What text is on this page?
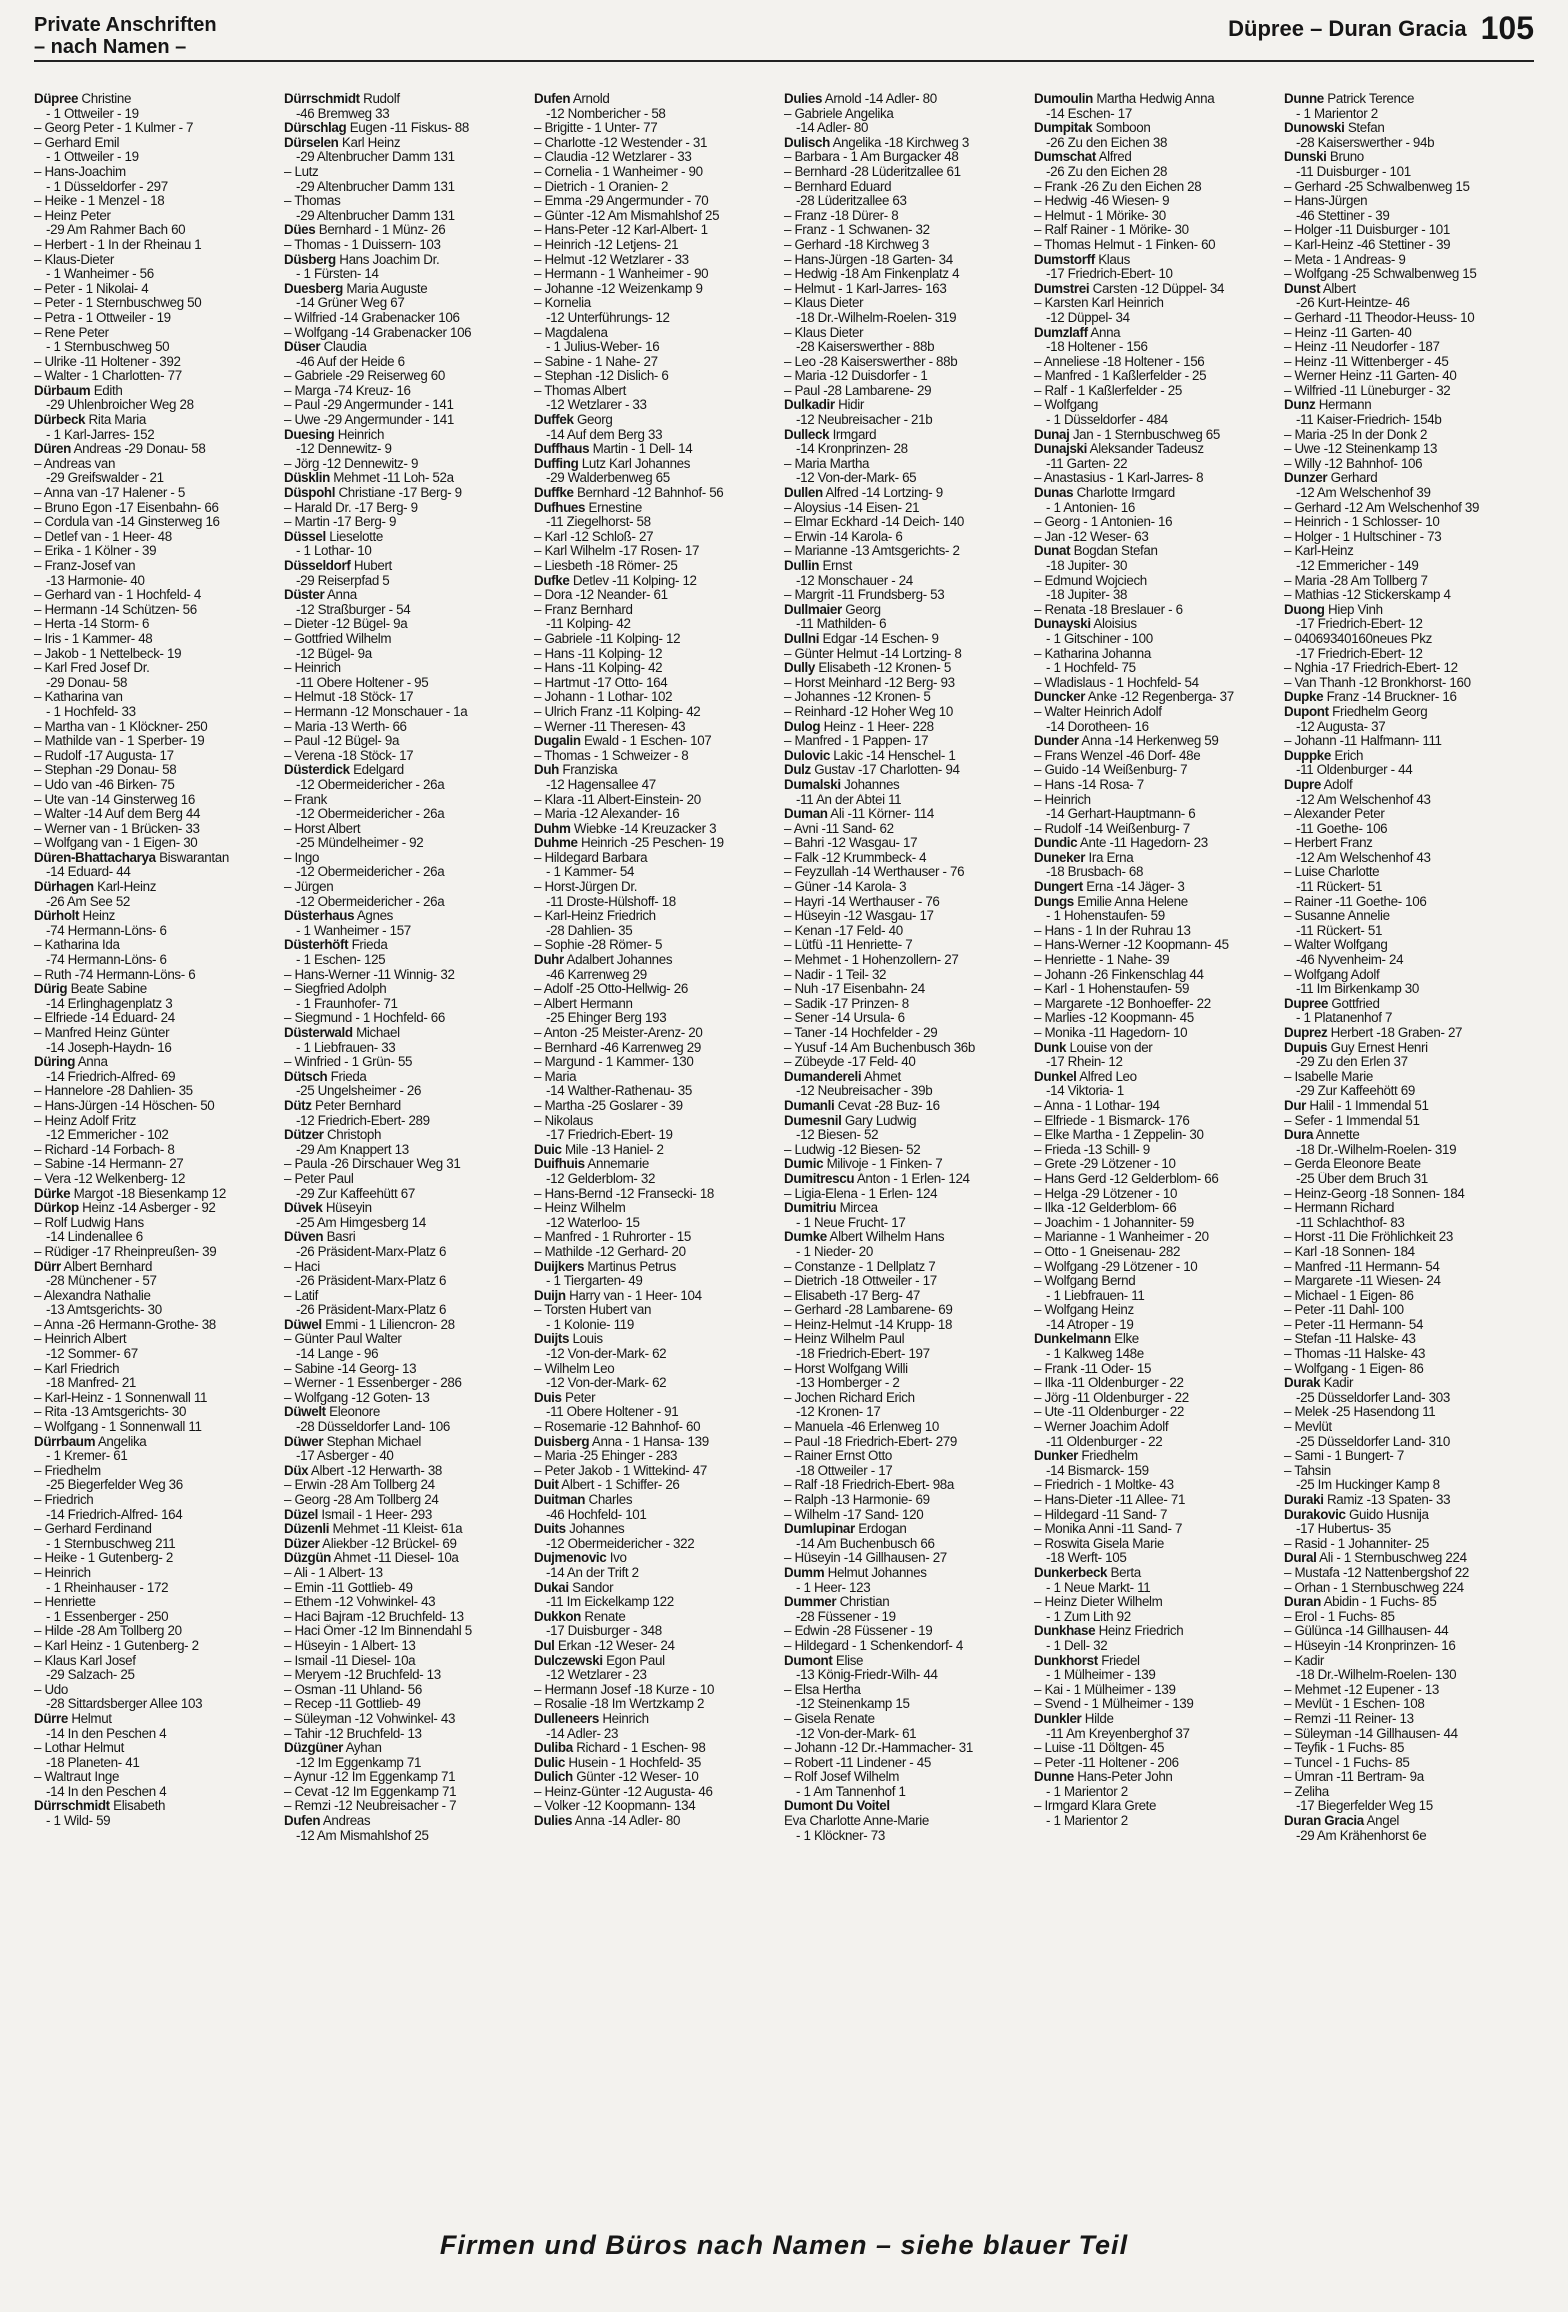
Private Anschriften
– nach Namen –
Düpree – Duran Gracia 105
Düpree Christine
- 1 Ottweiler - 19
– Georg Peter - 1 Kulmer - 7
– Gerhard Emil
- 1 Ottweiler - 19
– Hans-Joachim
- 1 Düsseldorfer - 297
– Heike - 1 Menzel - 18
– Heinz Peter
-29 Am Rahmer Bach 60
– Herbert - 1 In der Rheinau 1
– Klaus-Dieter
- 1 Wanheimer - 56
– Peter - 1 Nikolai- 4
– Peter - 1 Sternbuschweg 50
– Petra - 1 Ottweiler - 19
– Rene Peter
- 1 Sternbuschweg 50
– Ulrike -11 Holtener - 392
– Walter - 1 Charlotten- 77
Dürbaum Edith
-29 Uhlenbroicher Weg 28
Dürbeck Rita Maria
- 1 Karl-Jarres- 152
Düren Andreas -29 Donau- 58
– Andreas van
-29 Greifswalder - 21
– Anna van -17 Halener - 5
– Bruno Egon -17 Eisenbahn- 66
– Cordula van -14 Ginsterweg 16
– Detlef van - 1 Heer- 48
– Erika - 1 Kölner - 39
– Franz-Josef van
-13 Harmonie- 40
– Gerhard van - 1 Hochfeld- 4
– Hermann -14 Schützen- 56
– Herta -14 Storm- 6
– Iris - 1 Kammer- 48
– Jakob - 1 Nettelbeck- 19
– Karl Fred Josef Dr.
-29 Donau- 58
– Katharina van
- 1 Hochfeld- 33
– Martha van - 1 Klöckner- 250
– Mathilde van - 1 Sperber- 19
– Rudolf -17 Augusta- 17
– Stephan -29 Donau- 58
– Udo van -46 Birken- 75
– Ute van -14 Ginsterweg 16
– Walter -14 Auf dem Berg 44
– Werner van - 1 Brücken- 33
– Wolfgang van - 1 Eigen- 30
Düren-Bhattacharya Biswarantan
-14 Eduard- 44
Dürhagen Karl-Heinz
-26 Am See 52
Dürholt Heinz
-74 Hermann-Löns- 6
– Katharina Ida
-74 Hermann-Löns- 6
– Ruth -74 Hermann-Löns- 6
Dürig Beate Sabine
-14 Erlinghagenplatz 3
– Elfriede -14 Eduard- 24
– Manfred Heinz Günter
-14 Joseph-Haydn- 16
Düring Anna
-14 Friedrich-Alfred- 69
– Hannelore -28 Dahlien- 35
– Hans-Jürgen -14 Höschen- 50
– Heinz Adolf Fritz
-12 Emmericher - 102
– Richard -14 Forbach- 8
– Sabine -14 Hermann- 27
– Vera -12 Welkenberg- 12
Dürke Margot -18 Biesenkamp 12
Dürkop Heinz -14 Asberger - 92
– Rolf Ludwig Hans
-14 Lindenallee 6
– Rüdiger -17 Rheinpreußen- 39
Dürr Albert Bernhard
-28 Münchener - 57
– Alexandra Nathalie
-13 Amtsgerichts- 30
– Anna -26 Hermann-Grothe- 38
– Heinrich Albert
-12 Sommer- 67
– Karl Friedrich
-18 Manfred- 21
– Karl-Heinz - 1 Sonnenwall 11
– Rita -13 Amtsgerichts- 30
– Wolfgang - 1 Sonnenwall 11
Dürrbaum Angelika
- 1 Kremer- 61
– Friedhelm
-25 Biegerfelder Weg 36
– Friedrich
-14 Friedrich-Alfred- 164
– Gerhard Ferdinand
- 1 Sternbuschweg 211
– Heike - 1 Gutenberg- 2
– Heinrich
- 1 Rheinhauser - 172
– Henriette
- 1 Essenberger - 250
– Hilde -28 Am Tollberg 20
– Karl Heinz - 1 Gutenberg- 2
– Klaus Karl Josef
-29 Salzach- 25
– Udo
-28 Sittardsberger Allee 103
Dürre Helmut
-14 In den Peschen 4
– Lothar Helmut
-18 Planeten- 41
– Waltraut Inge
-14 In den Peschen 4
Dürrschmidt Elisabeth
- 1 Wild- 59
Dürrschmidt Rudolf
-46 Bremweg 33
Dürschlag Eugen -11 Fiskus- 88
Dürselen Karl Heinz
-29 Altenbrucher Damm 131
– Lutz
-29 Altenbrucher Damm 131
– Thomas
-29 Altenbrucher Damm 131
Dües Bernhard - 1 Münz- 26
– Thomas - 1 Duissern- 103
Düsberg Hans Joachim Dr.
- 1 Fürsten- 14
Duesberg Maria Auguste
-14 Grüner Weg 67
– Wilfried -14 Grabenacker 106
– Wolfgang -14 Grabenacker 106
Düser Claudia
-46 Auf der Heide 6
– Gabriele -29 Reiserweg 60
– Marga -74 Kreuz- 16
– Paul -29 Angermunder - 141
– Uwe -29 Angermunder - 141
Duesing Heinrich
-12 Dennewitz- 9
– Jörg -12 Dennewitz- 9
Düsklin Mehmet -11 Loh- 52a
Düspohl Christiane -17 Berg- 9
– Harald Dr. -17 Berg- 9
– Martin -17 Berg- 9
Düssel Lieselotte
- 1 Lothar- 10
Düsseldorf Hubert
-29 Reiserpfad 5
Düster Anna
-12 Straßburger - 54
– Dieter -12 Bügel- 9a
– Gottfried Wilhelm
-12 Bügel- 9a
– Heinrich
-11 Obere Holtener - 95
– Helmut -18 Stöck- 17
– Hermann -12 Monschauer - 1a
– Maria -13 Werth- 66
– Paul -12 Bügel- 9a
– Verena -18 Stöck- 17
Düsterdick Edelgard
-12 Obermeidericher - 26a
– Frank
-12 Obermeidericher - 26a
– Horst Albert
-25 Mündelheimer - 92
– Ingo
-12 Obermeidericher - 26a
– Jürgen
-12 Obermeidericher - 26a
Düsterhaus Agnes
- 1 Wanheimer - 157
Düsterhöft Frieda
- 1 Eschen- 125
– Hans-Werner -11 Winnig- 32
– Siegfried Adolph
- 1 Fraunhofer- 71
– Siegmund - 1 Hochfeld- 66
Düsterwald Michael
- 1 Liebfrauen- 33
– Winfried - 1 Grün- 55
Dütsch Frieda
-25 Ungelsheimer - 26
Dütz Peter Bernhard
-12 Friedrich-Ebert- 289
Dützer Christoph
-29 Am Knappert 13
– Paula -26 Dirschauer Weg 31
– Peter Paul
-29 Zur Kaffeehütt 67
Düvek Hüseyin
-25 Am Himgesberg 14
Düven Basri
-26 Präsident-Marx-Platz 6
– Haci
-26 Präsident-Marx-Platz 6
– Latif
-26 Präsident-Marx-Platz 6
Düwel Emmi - 1 Liliencron- 28
– Günter Paul Walter
-14 Lange - 96
– Sabine -14 Georg- 13
– Werner - 1 Essenberger - 286
– Wolfgang -12 Goten- 13
Düwelt Eleonore
-28 Düsseldorfer Land- 106
Düwer Stephan Michael
-17 Asberger - 40
Düx Albert -12 Herwarth- 38
– Erwin -28 Am Tollberg 24
– Georg -28 Am Tollberg 24
Düzel Ismail - 1 Heer- 293
Düzenli Mehmet -11 Kleist- 61a
Düzer Aliekber -12 Brückel- 69
Düzgün Ahmet -11 Diesel- 10a
– Ali - 1 Albert- 13
– Emin -11 Gottlieb- 49
– Ethem -12 Vohwinkel- 43
– Haci Bajram -12 Bruchfeld- 13
– Haci Ömer -12 Im Binnendahl 5
– Hüseyin - 1 Albert- 13
– Ismail -11 Diesel- 10a
– Meryem -12 Bruchfeld- 13
– Osman -11 Uhland- 56
– Recep -11 Gottlieb- 49
– Süleyman -12 Vohwinkel- 43
– Tahir -12 Bruchfeld- 13
Düzgüner Ayhan
-12 Im Eggenkamp 71
– Aynur -12 Im Eggenkamp 71
– Cevat -12 Im Eggenkamp 71
– Remzi -12 Neubreisacher - 7
Dufen Andreas
-12 Am Mismahlshof 25
Dufen Arnold
-12 Nombericher - 58
– Brigitte - 1 Unter- 77
– Charlotte -12 Westender - 31
– Claudia -12 Wetzlarer - 33
– Cornelia - 1 Wanheimer - 90
– Dietrich - 1 Oranien- 2
– Emma -29 Angermunder - 70
– Günter -12 Am Mismahlshof 25
– Hans-Peter -12 Karl-Albert- 1
– Heinrich -12 Letjens- 21
– Helmut -12 Wetzlarer - 33
– Hermann - 1 Wanheimer - 90
– Johanne -12 Weizenkamp 9
– Kornelia
-12 Unterführungs- 12
– Magdalena
- 1 Julius-Weber- 16
– Sabine - 1 Nahe- 27
– Stephan -12 Dislich- 6
– Thomas Albert
-12 Wetzlarer - 33
Duffek Georg
-14 Auf dem Berg 33
Duffhaus Martin - 1 Dell- 14
Duffing Lutz Karl Johannes
-29 Walderbenweg 65
Duffke Bernhard -12 Bahnhof- 56
Dufhues Ernestine
-11 Ziegelhorst- 58
– Karl -12 Schloß- 27
– Karl Wilhelm -17 Rosen- 17
– Liesbeth -18 Römer- 25
Dufke Detlev -11 Kolping- 12
– Dora -12 Neander- 61
– Franz Bernhard
-11 Kolping- 42
– Gabriele -11 Kolping- 12
– Hans -11 Kolping- 12
– Hans -11 Kolping- 42
– Hartmut -17 Otto- 164
– Johann - 1 Lothar- 102
– Ulrich Franz -11 Kolping- 42
– Werner -11 Theresen- 43
Dugalin Ewald - 1 Eschen- 107
– Thomas - 1 Schweizer - 8
Duh Franziska
-12 Hagensallee 47
– Klara -11 Albert-Einstein- 20
– Maria -12 Alexander- 16
Duhm Wiebke -14 Kreuzacker 3
Duhme Heinrich -25 Peschen- 19
– Hildegard Barbara
- 1 Kammer- 54
– Horst-Jürgen Dr.
-11 Droste-Hülshoff- 18
– Karl-Heinz Friedrich
-28 Dahlien- 35
– Sophie -28 Römer- 5
Duhr Adalbert Johannes
-46 Karrenweg 29
– Adolf -25 Otto-Hellwig- 26
– Albert Hermann
-25 Ehinger Berg 193
– Anton -25 Meister-Arenz- 20
– Bernhard -46 Karrenweg 29
– Margund - 1 Kammer- 130
– Maria
-14 Walther-Rathenau- 35
– Martha -25 Goslarer - 39
– Nikolaus
-17 Friedrich-Ebert- 19
Duic Mile -13 Haniel- 2
Duifhuis Annemarie
-12 Gelderblom- 32
– Hans-Bernd -12 Fransecki- 18
– Heinz Wilhelm
-12 Waterloo- 15
– Manfred - 1 Ruhrorter - 15
– Mathilde -12 Gerhard- 20
Duijkers Martinus Petrus
- 1 Tiergarten- 49
Duijn Harry van - 1 Heer- 104
– Torsten Hubert van
- 1 Kolonie- 119
Duijts Louis
-12 Von-der-Mark- 62
– Wilhelm Leo
-12 Von-der-Mark- 62
Duis Peter
-11 Obere Holtener - 91
– Rosemarie -12 Bahnhof- 60
Duisberg Anna - 1 Hansa- 139
– Maria -25 Ehinger - 283
– Peter Jakob - 1 Wittekind- 47
Duit Albert - 1 Schiffer- 26
Duitman Charles
-46 Hochfeld- 101
Duits Johannes
-12 Obermeidericher - 322
Dujmenovic Ivo
-14 An der Trift 2
Dukai Sandor
-11 Im Eickelkamp 122
Dukkon Renate
-17 Duisburger - 348
Dul Erkan -12 Weser- 24
Dulczewski Egon Paul
-12 Wetzlarer - 23
– Hermann Josef -18 Kurze - 10
– Rosalie -18 Im Wertzkamp 2
Dulleneers Heinrich
-14 Adler- 23
Duliba Richard - 1 Eschen- 98
Dulic Husein - 1 Hochfeld- 35
Dulich Günter -12 Weser- 10
– Heinz-Günter -12 Augusta- 46
– Volker -12 Koopmann- 134
Dulies Anna -14 Adler- 80
Dulies Arnold -14 Adler- 80
– Gabriele Angelika
-14 Adler- 80
Dulisch Angelika -18 Kirchweg 3
– Barbara - 1 Am Burgacker 48
– Bernhard -28 Lüderitzallee 61
– Bernhard Eduard
-28 Lüderitzallee 63
– Franz -18 Dürer- 8
– Franz - 1 Schwanen- 32
– Gerhard -18 Kirchweg 3
– Hans-Jürgen -18 Garten- 34
– Hedwig -18 Am Finkenplatz 4
– Helmut - 1 Karl-Jarres- 163
– Klaus Dieter
-18 Dr.-Wilhelm-Roelen- 319
– Klaus Dieter
-28 Kaiserswerther - 88b
– Leo -28 Kaiserswerther - 88b
– Maria -12 Duisdorfer - 1
– Paul -28 Lambarene- 29
Dulkadir Hidir
-12 Neubreisacher - 21b
Dulleck Irmgard
-14 Kronprinzen- 28
– Maria Martha
-12 Von-der-Mark- 65
Dullen Alfred -14 Lortzing- 9
– Aloysius -14 Eisen- 21
– Elmar Eckhard -14 Deich- 140
– Erwin -14 Karola- 6
– Marianne -13 Amtsgerichts- 2
Dullin Ernst
-12 Monschauer - 24
– Margrit -11 Frundsberg- 53
Dullmaier Georg
-11 Mathilden- 6
Dullni Edgar -14 Eschen- 9
– Günter Helmut -14 Lortzing- 8
Dully Elisabeth -12 Kronen- 5
– Horst Meinhard -12 Berg- 93
– Johannes -12 Kronen- 5
– Reinhard -12 Hoher Weg 10
Dulog Heinz - 1 Heer- 228
– Manfred - 1 Pappen- 17
Dulovic Lakic -14 Henschel- 1
Dulz Gustav -17 Charlotten- 94
Dumalski Johannes
-11 An der Abtei 11
Duman Ali -11 Körner- 114
– Avni -11 Sand- 62
– Bahri -12 Wasgau- 17
– Falk -12 Krummbeck- 4
– Feyzullah -14 Werthauser - 76
– Güner -14 Karola- 3
– Hayri -14 Werthauser - 76
– Hüseyin -12 Wasgau- 17
– Kenan -17 Feld- 40
– Lütfü -11 Henriette- 7
– Mehmet - 1 Hohenzollern- 27
– Nadir - 1 Teil- 32
– Nuh -17 Eisenbahn- 24
– Sadik -17 Prinzen- 8
– Sener -14 Ursula- 6
– Taner -14 Hochfelder - 29
– Yusuf -14 Am Buchenbusch 36b
– Zübeyde -17 Feld- 40
Dumandereli Ahmet
-12 Neubreisacher - 39b
Dumanli Cevat -28 Buz- 16
Dumesnil Gary Ludwig
-12 Biesen- 52
– Ludwig -12 Biesen- 52
Dumic Milivoje - 1 Finken- 7
Dumitrescu Anton - 1 Erlen- 124
– Ligia-Elena - 1 Erlen- 124
Dumitriu Mircea
- 1 Neue Frucht- 17
Dumke Albert Wilhelm Hans
- 1 Nieder- 20
– Constanze - 1 Dellplatz 7
– Dietrich -18 Ottweiler - 17
– Elisabeth -17 Berg- 47
– Gerhard -28 Lambarene- 69
– Heinz-Helmut -14 Krupp- 18
– Heinz Wilhelm Paul
-18 Friedrich-Ebert- 197
– Horst Wolfgang Willi
-13 Homberger - 2
– Jochen Richard Erich
-12 Kronen- 17
– Manuela -46 Erlenweg 10
– Paul -18 Friedrich-Ebert- 279
– Rainer Ernst Otto
-18 Ottweiler - 17
– Ralf -18 Friedrich-Ebert- 98a
– Ralph -13 Harmonie- 69
– Wilhelm -17 Sand- 120
Dumlupinar Erdogan
-14 Am Buchenbusch 66
– Hüseyin -14 Gillhausen- 27
Dumm Helmut Johannes
- 1 Heer- 123
Dummer Christian
-28 Füssener - 19
– Edwin -28 Füssener - 19
– Hildegard - 1 Schenkendorf- 4
Dumont Elise
-13 König-Friedr-Wilh- 44
– Elsa Hertha
-12 Steinenkamp 15
– Gisela Renate
-12 Von-der-Mark- 61
– Johann -12 Dr.-Hammacher- 31
– Robert -11 Lindener - 45
– Rolf Josef Wilhelm
- 1 Am Tannenhof 1
Dumont Du Voitel
Eva Charlotte Anne-Marie
- 1 Klöckner- 73
Dumoulin Martha Hedwig Anna
-14 Eschen- 17
Dumpitak Somboon
-26 Zu den Eichen 38
Dumschat Alfred
-26 Zu den Eichen 28
– Frank -26 Zu den Eichen 28
– Hedwig -46 Wiesen- 9
– Helmut - 1 Mörike- 30
– Ralf Rainer - 1 Mörike- 30
– Thomas Helmut - 1 Finken- 60
Dumstorff Klaus
-17 Friedrich-Ebert- 10
Dumstrei Carsten -12 Düppel- 34
– Karsten Karl Heinrich
-12 Düppel- 34
Dumzlaff Anna
-18 Holtener - 156
– Anneliese -18 Holtener - 156
– Manfred - 1 Kaßlerfelder - 25
– Ralf - 1 Kaßlerfelder - 25
– Wolfgang
- 1 Düsseldorfer - 484
Dunaj Jan - 1 Sternbuschweg 65
Dunajski Aleksander Tadeusz
-11 Garten- 22
– Anastasius - 1 Karl-Jarres- 8
Dunas Charlotte Irmgard
- 1 Antonien- 16
– Georg - 1 Antonien- 16
– Jan -12 Weser- 63
Dunat Bogdan Stefan
-18 Jupiter- 30
– Edmund Wojciech
-18 Jupiter- 38
– Renata -18 Breslauer - 6
Dunayski Aloisius
- 1 Gitschiner - 100
– Katharina Johanna
- 1 Hochfeld- 75
– Wladislaus - 1 Hochfeld- 54
Duncker Anke -12 Regenberga- 37
– Walter Heinrich Adolf
-14 Dorotheen- 16
Dunder Anna -14 Herkenweg 59
– Frans Wenzel -46 Dorf- 48e
– Guido -14 Weißenburg- 7
– Hans -14 Rosa- 7
– Heinrich
-14 Gerhart-Hauptmann- 6
– Rudolf -14 Weißenburg- 7
Dundic Ante -11 Hagedorn- 23
Duneker Ira Erna
-18 Brusbach- 68
Dungert Erna -14 Jäger- 3
Dungs Emilie Anna Helene
- 1 Hohenstaufen- 59
– Hans - 1 In der Ruhrau 13
– Hans-Werner -12 Koopmann- 45
– Henriette - 1 Nahe- 39
– Johann -26 Finkenschlag 44
– Karl - 1 Hohenstaufen- 59
– Margarete -12 Bonhoeffer- 22
– Marlies -12 Koopmann- 45
– Monika -11 Hagedorn- 10
Dunk Louise von der
-17 Rhein- 12
Dunkel Alfred Leo
-14 Viktoria- 1
– Anna - 1 Lothar- 194
– Elfriede - 1 Bismarck- 176
– Elke Martha - 1 Zeppelin- 30
– Frieda -13 Schill- 9
– Grete -29 Lötzener - 10
– Hans Gerd -12 Gelderblom- 66
– Helga -29 Lötzener - 10
– Ilka -12 Gelderblom- 66
– Joachim - 1 Johanniter- 59
– Marianne - 1 Wanheimer - 20
– Otto - 1 Gneisenau- 282
– Wolfgang -29 Lötzener - 10
– Wolfgang Bernd
- 1 Liebfrauen- 11
– Wolfgang Heinz
-14 Atroper - 19
Dunkelmann Elke
- 1 Kalkweg 148e
– Frank -11 Oder- 15
– Ilka -11 Oldenburger - 22
– Jörg -11 Oldenburger - 22
– Ute -11 Oldenburger - 22
– Werner Joachim Adolf
-11 Oldenburger - 22
Dunker Friedhelm
-14 Bismarck- 159
– Friedrich - 1 Moltke- 43
– Hans-Dieter -11 Allee- 71
– Hildegard -11 Sand- 7
– Monika Anni -11 Sand- 7
– Roswita Gisela Marie
-18 Werft- 105
Dunkerbeck Berta
- 1 Neue Markt- 11
– Heinz Dieter Wilhelm
- 1 Zum Lith 92
Dunkhase Heinz Friedrich
- 1 Dell- 32
Dunkhorst Friedel
- 1 Mülheimer - 139
– Kai - 1 Mülheimer - 139
– Svend - 1 Mülheimer - 139
Dunkler Hilde
-11 Am Kreyenberghof 37
– Luise -11 Döltgen- 45
– Peter -11 Holtener - 206
Dunne Hans-Peter John
- 1 Marientor 2
– Irmgard Klara Grete
- 1 Marientor 2
Dunne Patrick Terence
- 1 Marientor 2
Dunowski Stefan
-28 Kaiserswerther - 94b
Dunski Bruno
-11 Duisburger - 101
– Gerhard -25 Schwalbenweg 15
– Hans-Jürgen
-46 Stettiner - 39
– Holger -11 Duisburger - 101
– Karl-Heinz -46 Stettiner - 39
– Meta - 1 Andreas- 9
– Wolfgang -25 Schwalbenweg 15
Dunst Albert
-26 Kurt-Heintze- 46
– Gerhard -11 Theodor-Heuss- 10
– Heinz -11 Garten- 40
– Heinz -11 Neudorfer - 187
– Heinz -11 Wittenberger - 45
– Werner Heinz -11 Garten- 40
– Wilfried -11 Lüneburger - 32
Dunz Hermann
-11 Kaiser-Friedrich- 154b
– Maria -25 In der Donk 2
– Uwe -12 Steinenkamp 13
– Willy -12 Bahnhof- 106
Dunzer Gerhard
-12 Am Welschenhof 39
– Gerhard -12 Am Welschenhof 39
– Heinrich - 1 Schlosser- 10
– Holger - 1 Hultschiner - 73
– Karl-Heinz
-12 Emmericher - 149
– Maria -28 Am Tollberg 7
– Mathias -12 Stickerskamp 4
Duong Hiep Vinh
-17 Friedrich-Ebert- 12
– 04069340160neues Pkz
-17 Friedrich-Ebert- 12
– Nghia -17 Friedrich-Ebert- 12
– Van Thanh -12 Bronkhorst- 160
Dupke Franz -14 Bruckner- 16
Dupont Friedhelm Georg
-12 Augusta- 37
– Johann -11 Halfmann- 111
Duppke Erich
-11 Oldenburger - 44
Dupre Adolf
-12 Am Welschenhof 43
– Alexander Peter
-11 Goethe- 106
– Herbert Franz
-12 Am Welschenhof 43
– Luise Charlotte
-11 Rückert- 51
– Rainer -11 Goethe- 106
– Susanne Annelie
-11 Rückert- 51
– Walter Wolfgang
-46 Nyvenheim- 24
– Wolfgang Adolf
-11 Im Birkenkamp 30
Dupree Gottfried
- 1 Platanenhof 7
Duprez Herbert -18 Graben- 27
Dupuis Guy Ernest Henri
-29 Zu den Erlen 37
– Isabelle Marie
-29 Zur Kaffeehött 69
Dur Halil - 1 Immendal 51
– Sefer - 1 Immendal 51
Dura Annette
-18 Dr.-Wilhelm-Roelen- 319
– Gerda Eleonore Beate
-25 Über dem Bruch 31
– Heinz-Georg -18 Sonnen- 184
– Hermann Richard
-11 Schlachthof- 83
– Horst -11 Die Fröhlichkeit 23
– Karl -18 Sonnen- 184
– Manfred -11 Hermann- 54
– Margarete -11 Wiesen- 24
– Michael - 1 Eigen- 86
– Peter -11 Dahl- 100
– Peter -11 Hermann- 54
– Stefan -11 Halske- 43
– Thomas -11 Halske- 43
– Wolfgang - 1 Eigen- 86
Durak Kadir
-25 Düsseldorfer Land- 303
– Melek -25 Hasendong 11
– Mevlüt
-25 Düsseldorfer Land- 310
– Sami - 1 Bungert- 7
– Tahsin
-25 Im Huckinger Kamp 8
Duraki Ramiz -13 Spaten- 33
Durakovic Guido Husnija
-17 Hubertus- 35
– Rasid - 1 Johanniter- 25
Dural Ali - 1 Sternbuschweg 224
– Mustafa -12 Nattenbergshof 22
– Orhan - 1 Sternbuschweg 224
Duran Abidin - 1 Fuchs- 85
– Erol - 1 Fuchs- 85
– Gülünca -14 Gillhausen- 44
– Hüseyin -14 Kronprinzen- 16
– Kadir
-18 Dr.-Wilhelm-Roelen- 130
– Mehmet -12 Eupener - 13
– Mevlüt - 1 Eschen- 108
– Remzi -11 Reiner- 13
– Süleyman -14 Gillhausen- 44
– Teyfik - 1 Fuchs- 85
– Tuncel - 1 Fuchs- 85
– Ümran -11 Bertram- 9a
– Zeliha
-17 Biegerfelder Weg 15
Duran Gracia Angel
-29 Am Krähenhorst 6e
Firmen und Büros nach Namen – siehe blauer Teil
